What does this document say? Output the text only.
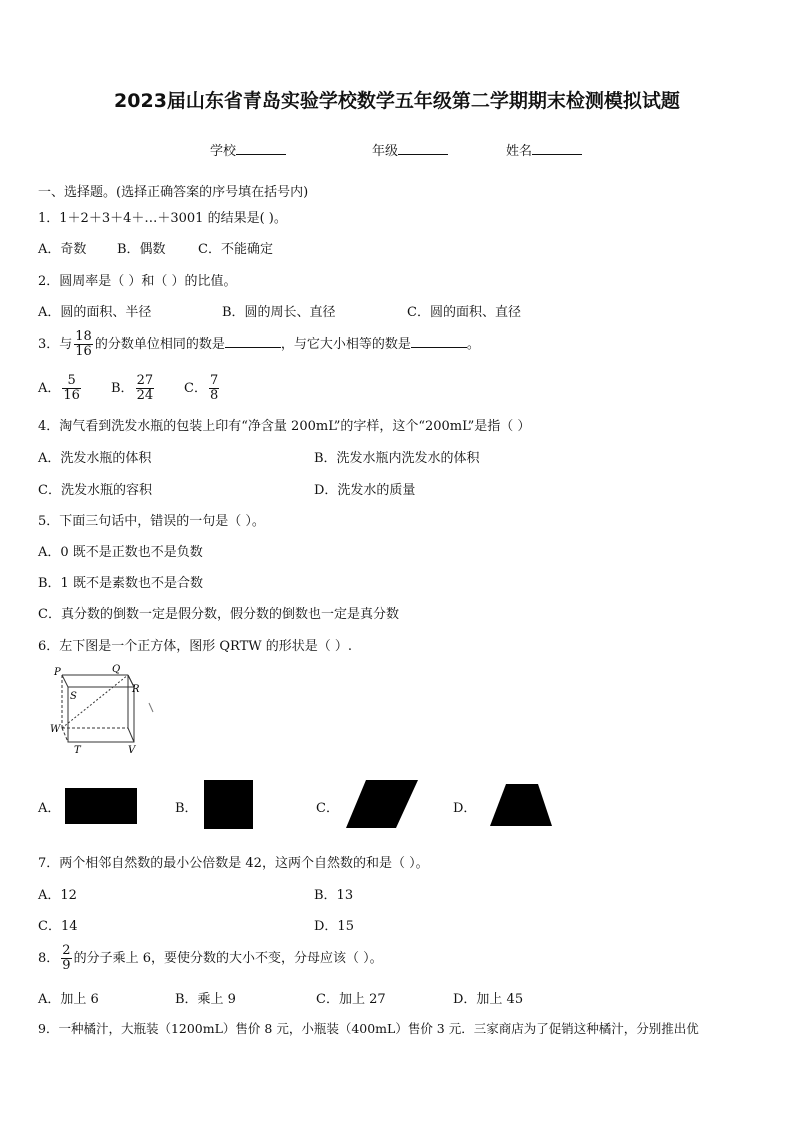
2023届山东省青岛实验学校数学五年级第二学期期末检测模拟试题
学校	年级	姓名
一、选择题。(选择正确答案的序号填在括号内)
1．1＋2＋3＋4＋…＋3001 的结果是( )。
A．奇数 B．偶数 C．不能确定
2．圆周率是（ ）和（ ）的比值。
A．圆的面积、半径	B．圆的周长、直径	C．圆的面积、直径
3．与 $\frac{18}{16}$ 的分数单位相同的数是	，与它大小相等的数是	。
A． $\frac{5}{16}$ B． $\frac{27}{24}$ C． $\frac{7}{8}$
4．淘气看到洗发水瓶的包装上印有“净含量 200mL”的字样，这个“200mL”是指（ ）
A．洗发水瓶的体积	B．洗发水瓶内洗发水的体积
C．洗发水瓶的容积	D．洗发水的质量
5．下面三句话中，错误的一句是（ ）。
A．0 既不是正数也不是负数
B．1 既不是素数也不是合数
C．真分数的倒数一定是假分数，假分数的倒数也一定是真分数
6．左下图是一个正方体，图形 QRTW 的形状是（ ）.
P	Q
R
S
W
T	V
A．	B．	C．	D．
7．两个相邻自然数的最小公倍数是 42，这两个自然数的和是（ ）。
A．12	B．13
C．14	D．15
8． $\frac{2}{9}$ 的分子乘上 6，要使分数的大小不变，分母应该（ ）。
A．加上 6	B．乘上 9	C．加上 27	D．加上 45
9．一种橘汁，大瓶装（1200mL）售价 8 元，小瓶装（400mL）售价 3 元．三家商店为了促销这种橘汁，分别推出优
